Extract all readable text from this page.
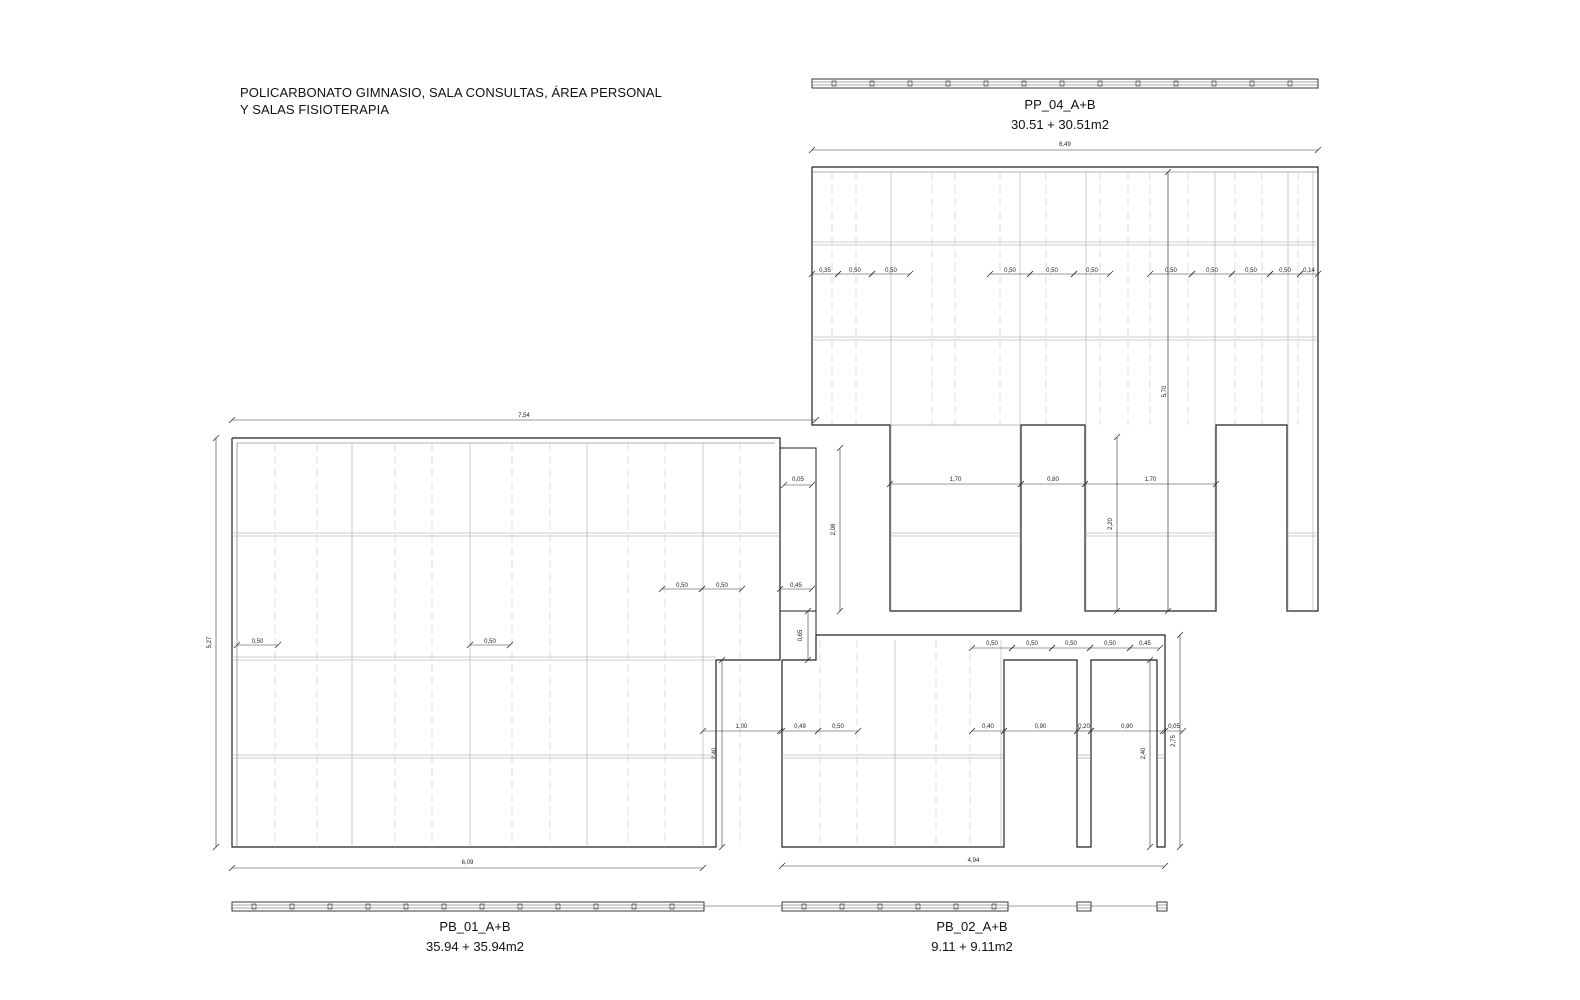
POLICARBONATO GIMNASIO, SALA CONSULTAS, ÁREA PERSONAL
Y SALAS FISIOTERAPIA	PP_04_A+B
30.51 + 30.51m2
PB_01_A+B
35.94 + 35.94m2
PB_02_A+B
9.11 + 9.11m2
6,49
0,35	0,50	0,50	0,50	0,50	0,50	0,50	0,50	0,50	0,50 0,14
5,70
1,70	0,80	1,70
2,20
7,54
2,08
0,05
0,65
0,50	0,50	0,45
0,50	0,50
5,27
6,09
2,40
1,00
0,50	0,50	0,50	0,50	0,45
0,49	0,50	0,40	0,90	0,20	0,90	0,05
2,40
2,75
4,94
